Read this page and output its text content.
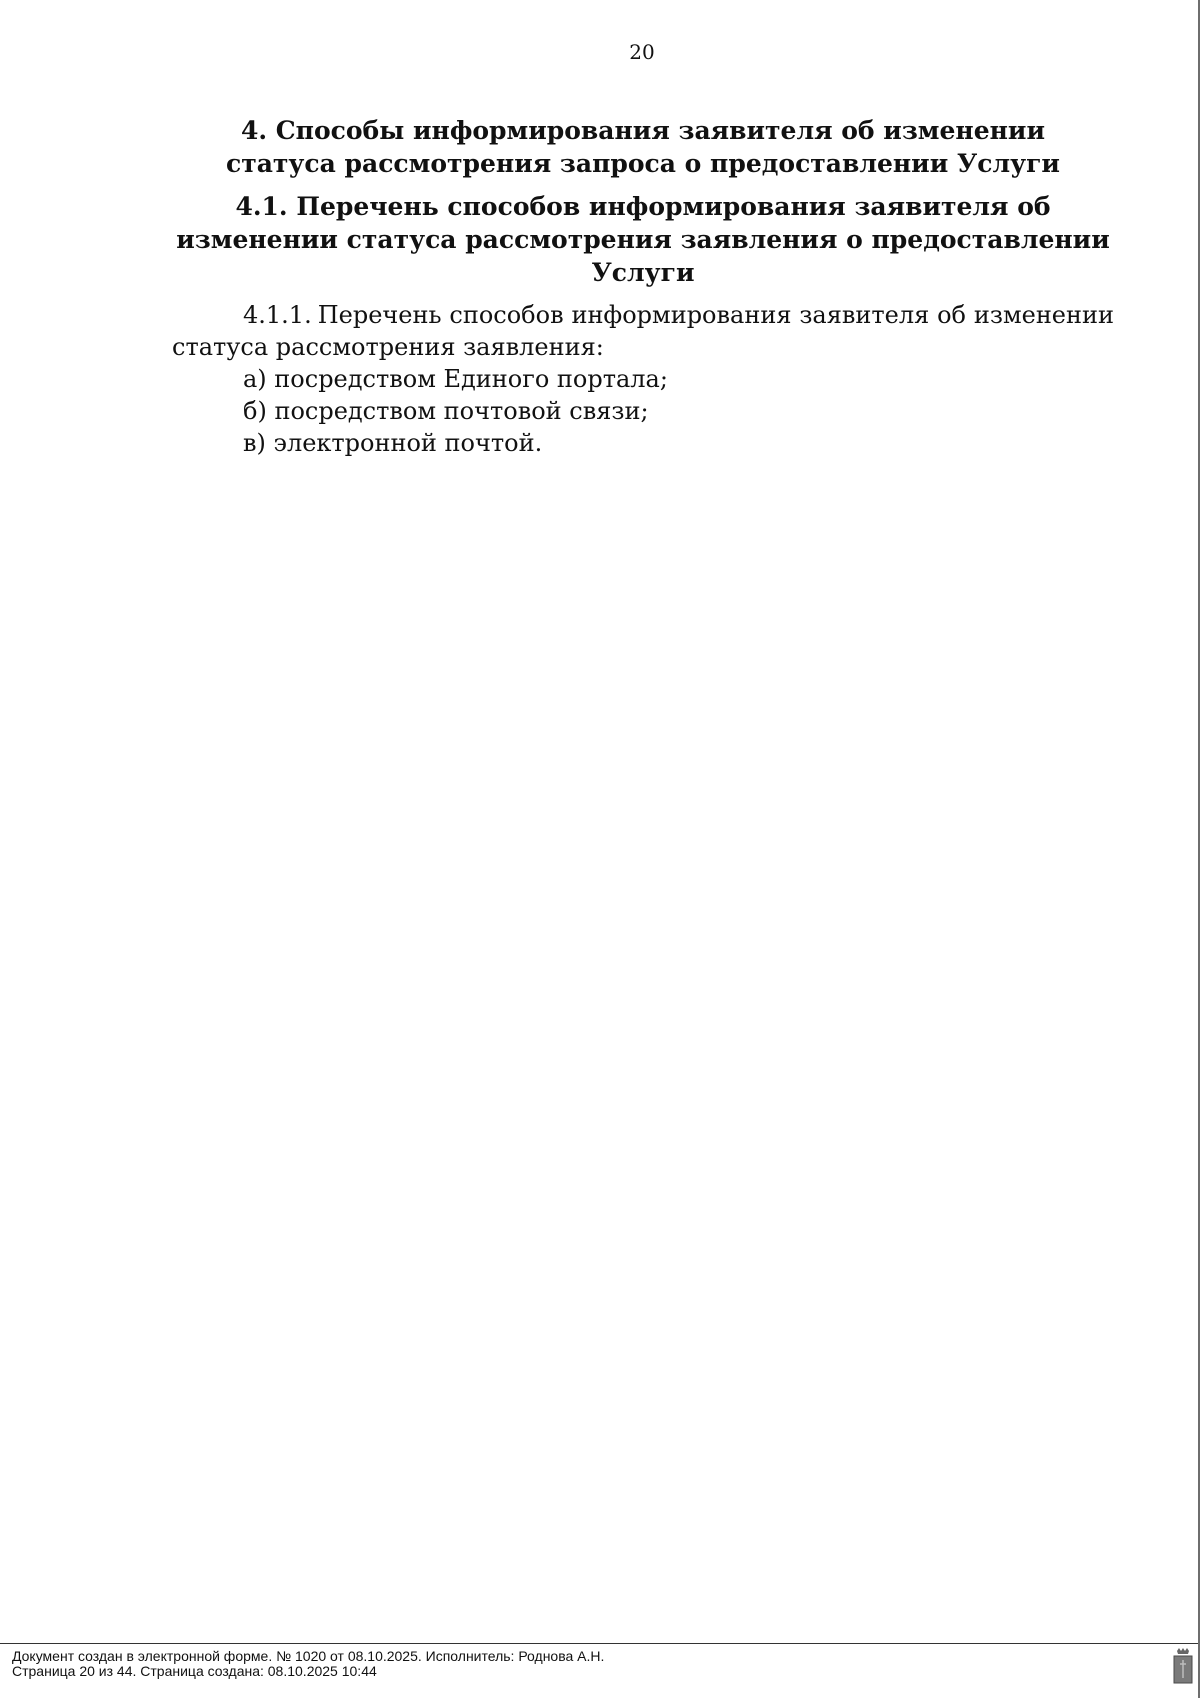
20
4. Способы информирования заявителя об изменении статуса рассмотрения запроса о предоставлении Услуги
4.1. Перечень способов информирования заявителя об изменении статуса рассмотрения заявления о предоставлении Услуги

4.1.1. Перечень способов информирования заявителя об изменении статуса рассмотрения заявления:

а) посредством Единого портала;
б) посредством почтовой связи;
в) электронной почтой.
Документ создан в электронной форме. № 1020 от 08.10.2025. Исполнитель: Роднова А.Н.
Страница 20 из 44. Страница создана: 08.10.2025 10:44
